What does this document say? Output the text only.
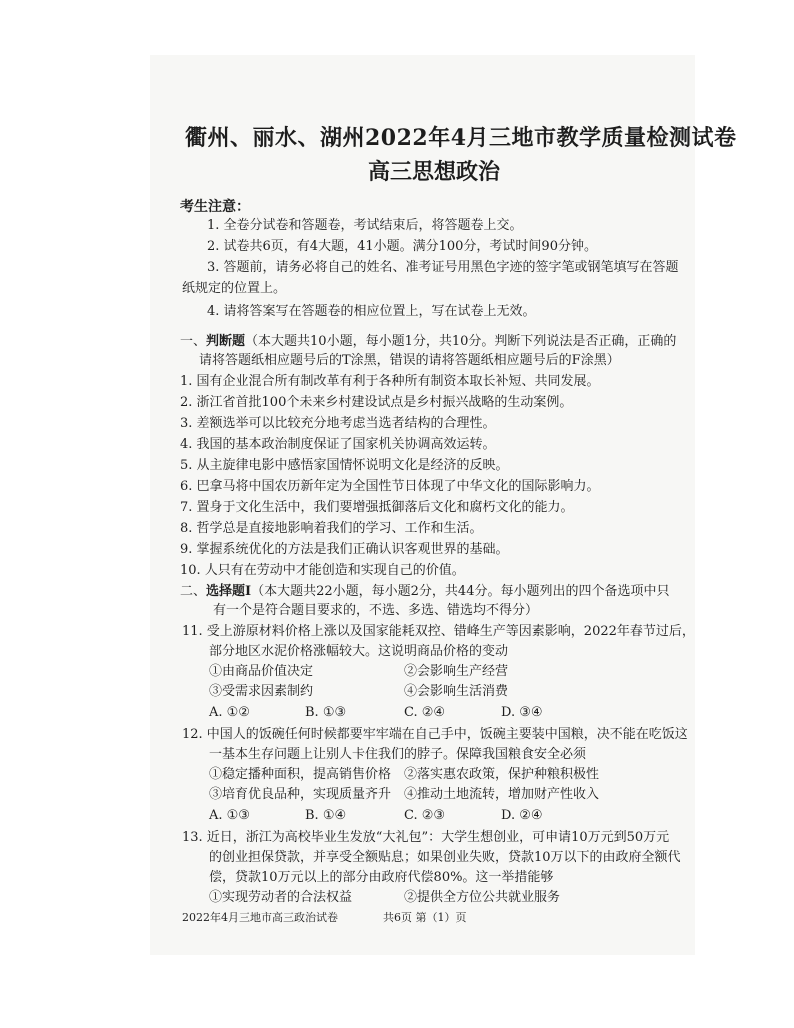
衢州、丽水、湖州2022年4月三地市教学质量检测试卷
高三思想政治
考生注意：
1. 全卷分试卷和答题卷，考试结束后，将答题卷上交。
2. 试卷共6页，有4大题，41小题。满分100分，考试时间90分钟。
3. 答题前，请务必将自己的姓名、准考证号用黑色字迹的签字笔或钢笔填写在答题
纸规定的位置上。
4. 请将答案写在答题卷的相应位置上，写在试卷上无效。
一、判断题（本大题共10小题，每小题1分，共10分。判断下列说法是否正确，正确的
请将答题纸相应题号后的T涂黑，错误的请将答题纸相应题号后的F涂黑）
1. 国有企业混合所有制改革有利于各种所有制资本取长补短、共同发展。
2. 浙江省首批100个未来乡村建设试点是乡村振兴战略的生动案例。
3. 差额选举可以比较充分地考虑当选者结构的合理性。
4. 我国的基本政治制度保证了国家机关协调高效运转。
5. 从主旋律电影中感悟家国情怀说明文化是经济的反映。
6. 巴拿马将中国农历新年定为全国性节日体现了中华文化的国际影响力。
7. 置身于文化生活中，我们要增强抵御落后文化和腐朽文化的能力。
8. 哲学总是直接地影响着我们的学习、工作和生活。
9. 掌握系统优化的方法是我们正确认识客观世界的基础。
10. 人只有在劳动中才能创造和实现自己的价值。
二、选择题Ⅰ（本大题共22小题，每小题2分，共44分。每小题列出的四个备选项中只
有一个是符合题目要求的，不选、多选、错选均不得分）
11. 受上游原材料价格上涨以及国家能耗双控、错峰生产等因素影响，2022年春节过后，
部分地区水泥价格涨幅较大。这说明商品价格的变动
①由商品价值决定	②会影响生产经营
③受需求因素制约	④会影响生活消费
A. ①②	B. ①③	C. ②④	D. ③④
12. 中国人的饭碗任何时候都要牢牢端在自己手中，饭碗主要装中国粮，决不能在吃饭这
一基本生存问题上让别人卡住我们的脖子。保障我国粮食安全必须
①稳定播种面积，提高销售价格 ②落实惠农政策，保护种粮积极性
③培育优良品种，实现质量齐升 ④推动土地流转，增加财产性收入
A. ①③	B. ①④	C. ②③	D. ②④
13. 近日，浙江为高校毕业生发放“大礼包”：大学生想创业，可申请10万元到50万元
的创业担保贷款，并享受全额贴息；如果创业失败，贷款10万以下的由政府全额代
偿，贷款10万元以上的部分由政府代偿80%。这一举措能够
①实现劳动者的合法权益	②提供全方位公共就业服务
2022年4月三地市高三政治试卷	共6页 第（1）页
